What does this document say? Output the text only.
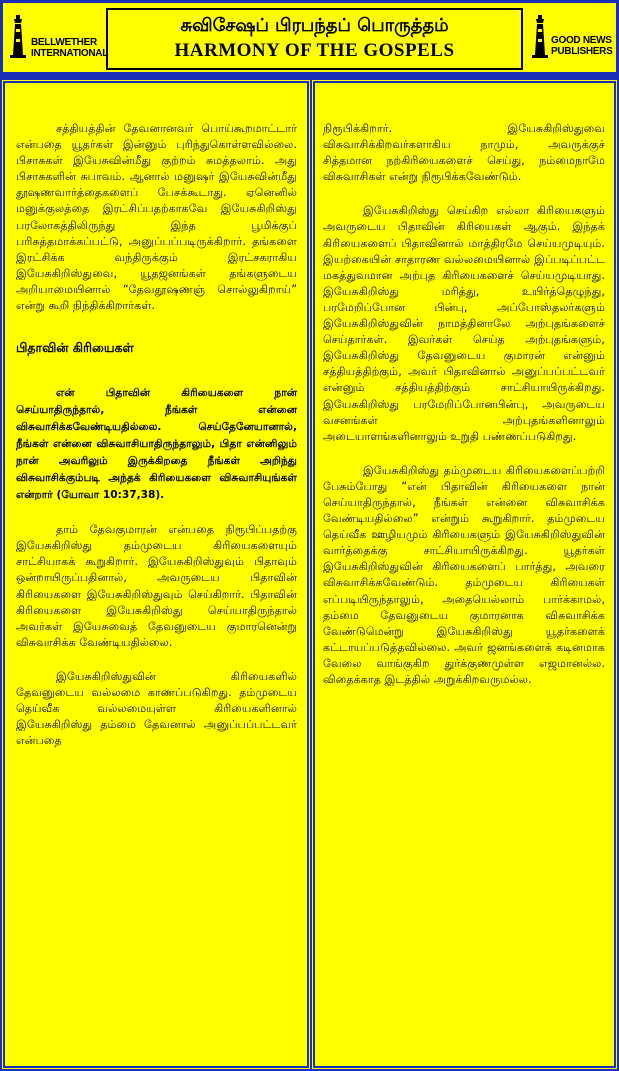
BELLWETHER
INTERNATIONAL
சுவிசேஷப் பிரபந்தப் பொருத்தம்
HARMONY OF THE GOSPELS	GOOD NEWS
PUBLISHERS

சத்தியத்தின் தேவனானவர் பொய்கூறமாட்டார் என்பதை யூதர்கள் இன்னும் புரிந்துகொள்ளவில்லை. பிசாசுகள் இயேசுவின்மீது குற்றம் சுமத்தலாம். அது பிசாசுகளின் சுபாவம். ஆனால் மனுஷர் இயேசுவின்மீது தூஷணவார்த்தைகளைப் பேசக்கூடாது. ஏனெனில் மனுக்குலத்தை இரட்சிப்பதற்காகவே இயேசுகிறிஸ்து பரலோகத்திலிருந்து இந்த பூமிக்குப் பரிசுத்தமாக்கப்பட்டு, அனுப்பப்படிருக்கிறார். தங்களை இரட்சிக்க வந்திருக்கும் இரட்சகராகிய இயேசுகிறிஸ்துவை, யூதஜனங்கள் தங்களுடைய அறியாமையினால் “தேவதூஷணஞ் சொல்லுகிறாய்” என்று கூறி நிந்திக்கிறார்கள்.

பிதாவின் கிரியைகள்

என் பிதாவின் கிரியைகளை நான் செய்யாதிருந்தால், நீங்கள் என்னை விசுவாசிக்கவேண்டியதில்லை. செய்தேனேயானால், நீங்கள் என்னை விசுவாசியாதிருந்தாலும், பிதா என்னிலும் நான் அவரிலும் இருக்கிறதை நீங்கள் அறிந்து விசுவாசிக்கும்படி அந்தக் கிரியைகளை விசுவாசியுங்கள் என்றார் (யோவா 10:37,38).

தாம் தேவகுமாரன் என்பதை நிரூபிப்பதற்கு இயேசுகிறிஸ்து தம்முடைய கிரியைகளையும் சாட்சியாகக் கூறுகிறார். இயேசுகிறிஸ்துவும் பிதாவும் ஒன்றாயிருப்பதினால், அவருடைய பிதாவின் கிரியைகளை இயேசுகிறிஸ்துவும் செய்கிறார். பிதாவின் கிரியைகளை இயேசுகிறிஸ்து செய்யாதிருந்தால் அவர்கள் இயேசுவைத் தேவனுடைய குமாரனென்று விசுவாசிக்க வேண்டியதில்லை.

இயேசுகிறிஸ்துவின் கிரியைகளில் தேவனுடைய வல்லமை காணப்படுகிறது. தம்முடைய தெய்வீக வல்லமையுள்ள கிரியைகளினால் இயேசுகிறிஸ்து தம்மை தேவனால் அனுப்பப்பட்டவர் என்பதை

நிரூபிக்கிறார். இயேசுகிறிஸ்துவை விசுவாசிக்கிறவர்களாகிய நாமும், அவருக்குச் சித்தமான நற்கிரியைகளைச் செய்து, நம்மைநாமே விசுவாசிகள் என்று நிரூபிக்கவேண்டும்.

இயேசுகிறிஸ்து செய்கிற எல்லா கிரியைகளும் அவருடைய பிதாவின் கிரியைகள் ஆகும். இந்தக் கிரியைகளைப் பிதாவினால் மாத்திரமே செய்யமுடியும். இயற்கையின் சாதாரண வல்லமையினால் இப்படிப்பட்ட மகத்துவமான அற்புத கிரியைகளைச் செய்யமுடியாது. இயேசுகிறிஸ்து மரித்து, உயிர்த்தெழுந்து, பரமேறிப்போன பின்பு, அப்போஸ்தலர்களும் இயேசுகிறிஸ்துவின் நாமத்தினாலே அற்புதங்களைச் செய்தார்கள். இவர்கள் செய்த அற்புதங்களும், இயேசுகிறிஸ்து தேவனுடைய குமாரன் என்னும் சத்தியத்திற்கும், அவர் பிதாவினால் அனுப்பப்பட்டவர் என்னும் சத்தியத்திற்கும் சாட்சியாயிருக்கிறது. இயேசுகிறிஸ்து பரமேறிப்போனபின்பு, அவருடைய வசனங்கள் அற்புதங்களினாலும் அடையாளங்களினாலும் உறுதி பண்ணப்படுகிறது.

இயேசுகிறிஸ்து தம்முடைய கிரியைகளைப்பற்றி பேசும்போது “என் பிதாவின் கிரியைகளை நான் செய்யாதிருந்தால், நீங்கள் என்னை விசுவாசிக்க வேண்டியதில்லை” என்றும் கூறுகிறார். தம்முடைய தெய்வீக ஊழியமும் கிரியைகளும் இயேசுகிறிஸ்துவின் வார்த்தைக்கு சாட்சியாயிருக்கிறது. யூதர்கள் இயேசுகிறிஸ்துவின் கிரியைகளைப் பார்த்து, அவரை விசுவாசிக்கவேண்டும். தம்முடைய கிரியைகள் எப்படியிருந்தாலும், அதையெல்லாம் பார்க்காமல், தம்மை தேவனுடைய குமாரனாக விசுவாசிக்க வேண்டுமென்று இயேசுகிறிஸ்து யூதர்களைக் கட்டாயப்படுத்தவில்லை. அவர் ஜனங்களைக் கடினமாக வேலை வாங்குகிற துர்க்குணமுள்ள எஜமானல்ல. விதைக்காத இடத்தில் அறுக்கிறவருமல்ல.
